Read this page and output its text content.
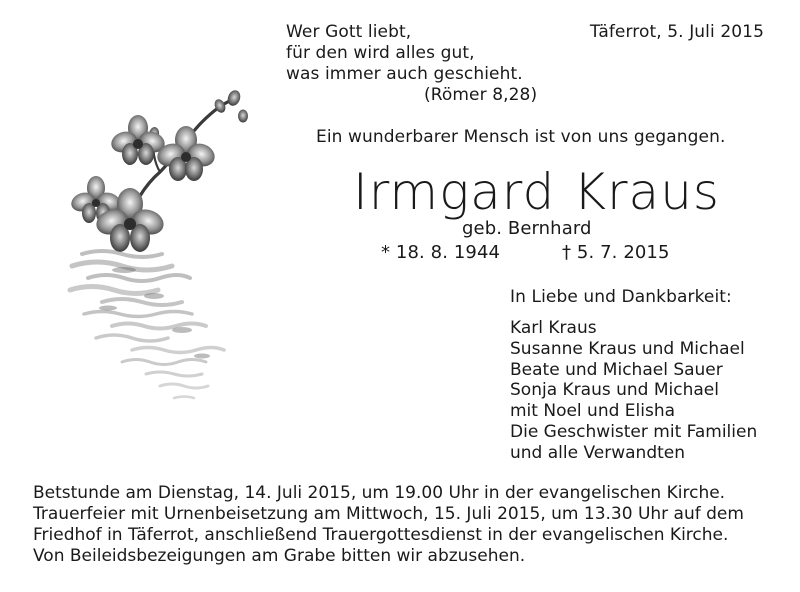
Wer Gott liebt,
für den wird alles gut,
was immer auch geschieht.
(Römer 8,28)
Täferrot, 5. Juli 2015
Ein wunderbarer Mensch ist von uns gegangen.
Irmgard Kraus
geb. Bernhard
* 18. 8. 1944	† 5. 7. 2015
In Liebe und Dankbarkeit:
Karl Kraus
Susanne Kraus und Michael
Beate und Michael Sauer
Sonja Kraus und Michael
mit Noel und Elisha
Die Geschwister mit Familien
und alle Verwandten
Betstunde am Dienstag, 14. Juli 2015, um 19.00 Uhr in der evangelischen Kirche.
Trauerfeier mit Urnenbeisetzung am Mittwoch, 15. Juli 2015, um 13.30 Uhr auf dem
Friedhof in Täferrot, anschließend Trauergottesdienst in der evangelischen Kirche.
Von Beileidsbezeigungen am Grabe bitten wir abzusehen.
